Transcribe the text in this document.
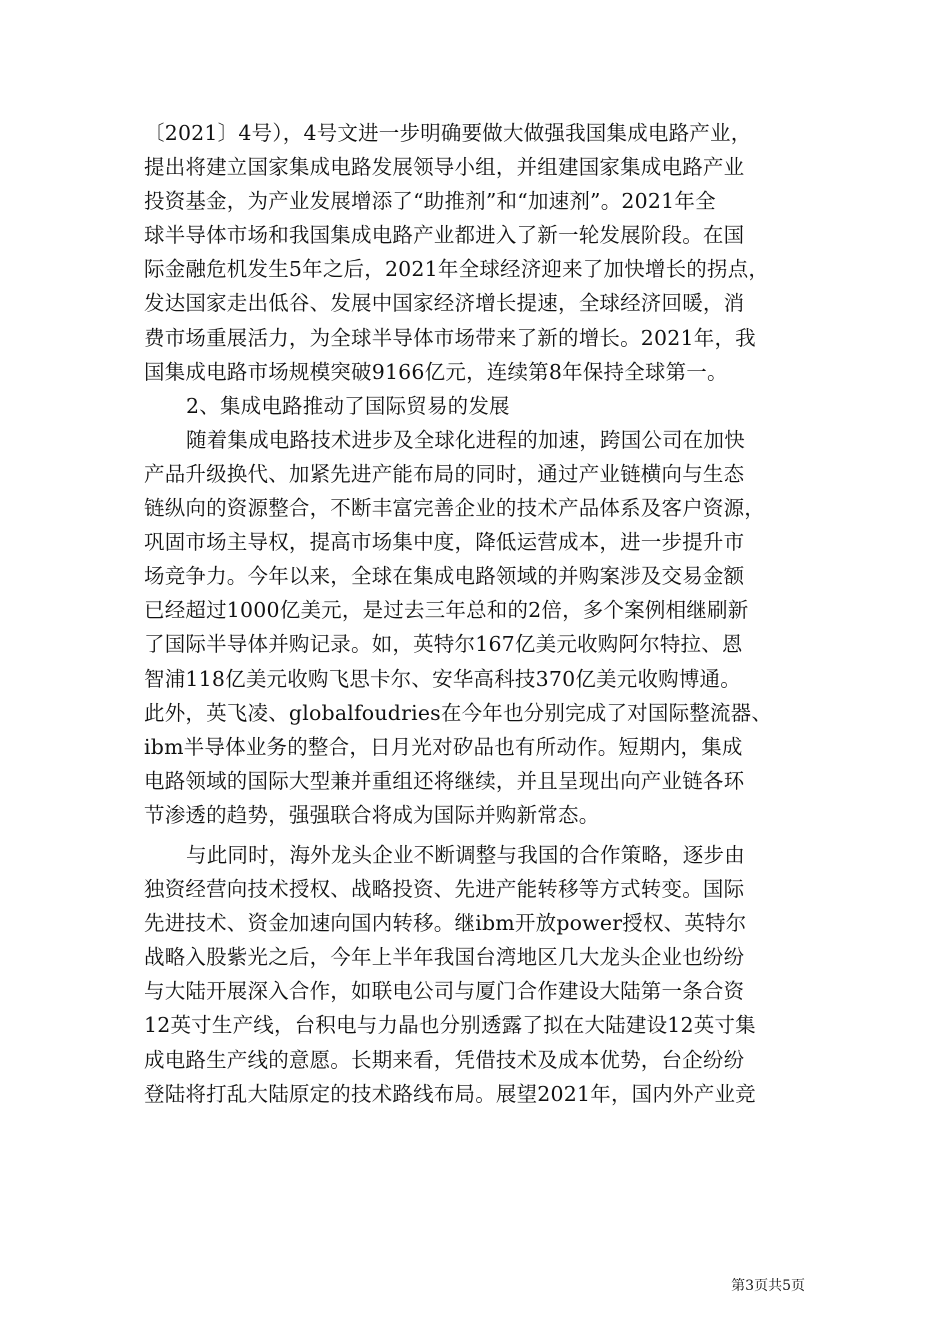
〔2021〕4号），4号文进一步明确要做大做强我国集成电路产业，
提出将建立国家集成电路发展领导小组，并组建国家集成电路产业
投资基金，为产业发展增添了“助推剂”和“加速剂”。2021年全
球半导体市场和我国集成电路产业都进入了新一轮发展阶段。在国
际金融危机发生5年之后，2021年全球经济迎来了加快增长的拐点，
发达国家走出低谷、发展中国家经济增长提速，全球经济回暖，消
费市场重展活力，为全球半导体市场带来了新的增长。2021年，我
国集成电路市场规模突破9166亿元，连续第8年保持全球第一。
2、集成电路推动了国际贸易的发展
随着集成电路技术进步及全球化进程的加速，跨国公司在加快
产品升级换代、加紧先进产能布局的同时，通过产业链横向与生态
链纵向的资源整合，不断丰富完善企业的技术产品体系及客户资源，
巩固市场主导权，提高市场集中度，降低运营成本，进一步提升市
场竞争力。今年以来，全球在集成电路领域的并购案涉及交易金额
已经超过1000亿美元，是过去三年总和的2倍，多个案例相继刷新
了国际半导体并购记录。如，英特尔167亿美元收购阿尔特拉、恩
智浦118亿美元收购飞思卡尔、安华高科技370亿美元收购博通。
此外，英飞凌、globalfoudries在今年也分别完成了对国际整流器、
ibm半导体业务的整合，日月光对矽品也有所动作。短期内，集成
电路领域的国际大型兼并重组还将继续，并且呈现出向产业链各环
节渗透的趋势，强强联合将成为国际并购新常态。
与此同时，海外龙头企业不断调整与我国的合作策略，逐步由
独资经营向技术授权、战略投资、先进产能转移等方式转变。国际
先进技术、资金加速向国内转移。继ibm开放power授权、英特尔
战略入股紫光之后，今年上半年我国台湾地区几大龙头企业也纷纷
与大陆开展深入合作，如联电公司与厦门合作建设大陆第一条合资
12英寸生产线，台积电与力晶也分别透露了拟在大陆建设12英寸集
成电路生产线的意愿。长期来看，凭借技术及成本优势，台企纷纷
登陆将打乱大陆原定的技术路线布局。展望2021年，国内外产业竞
第3页共5页
